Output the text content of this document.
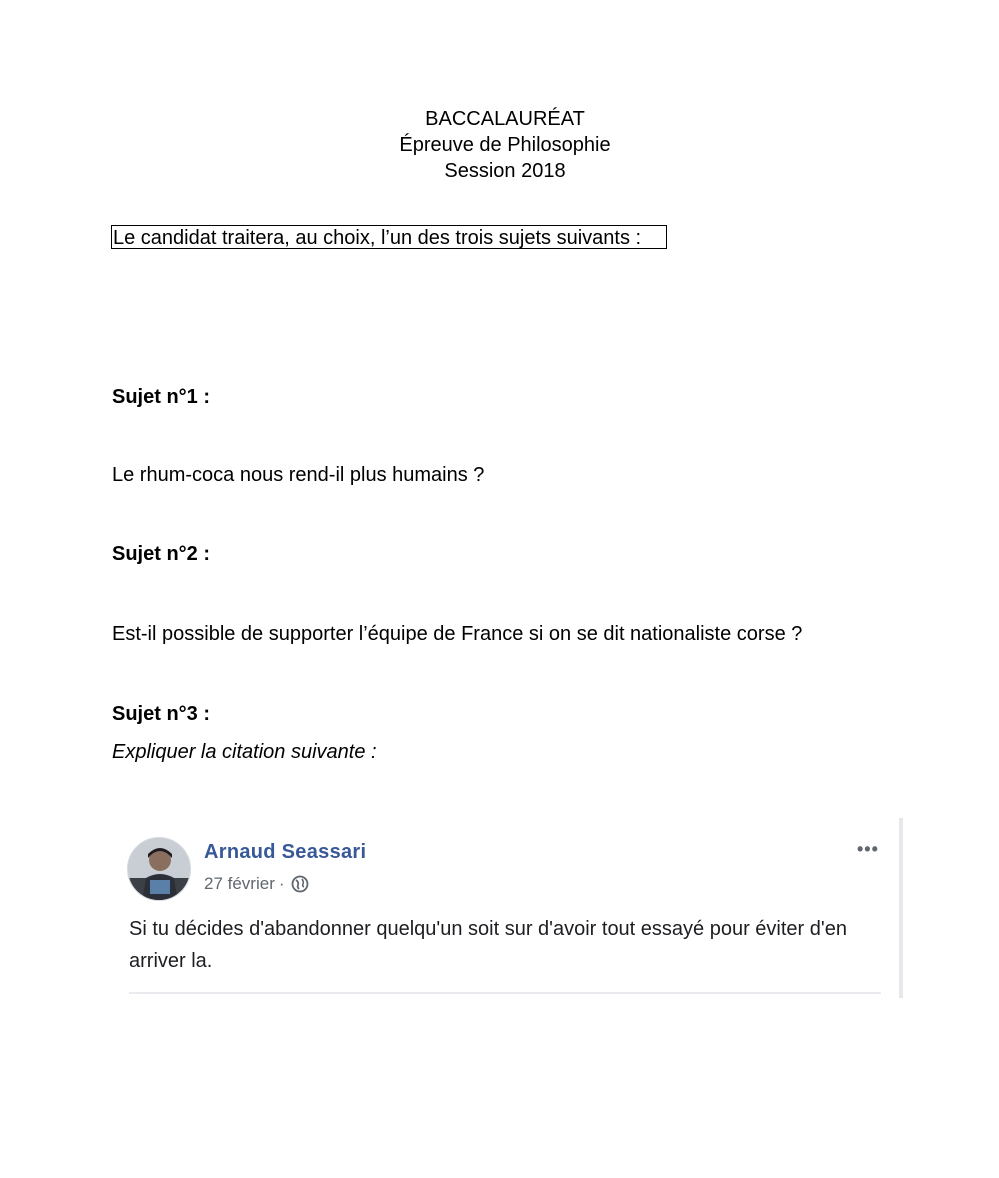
BACCALAURÉAT
Épreuve de Philosophie
Session 2018
Le candidat traitera, au choix, l’un des trois sujets suivants :
Sujet n°1 :
Le rhum-coca nous rend-il plus humains ?
Sujet n°2 :
Est-il possible de supporter l’équipe de France si on se dit nationaliste corse ?
Sujet n°3 :
Expliquer la citation suivante :
Arnaud Seassari
27 février ·
•••
Si tu décides d'abandonner quelqu'un soit sur d'avoir tout essayé pour éviter d'en arriver la.
